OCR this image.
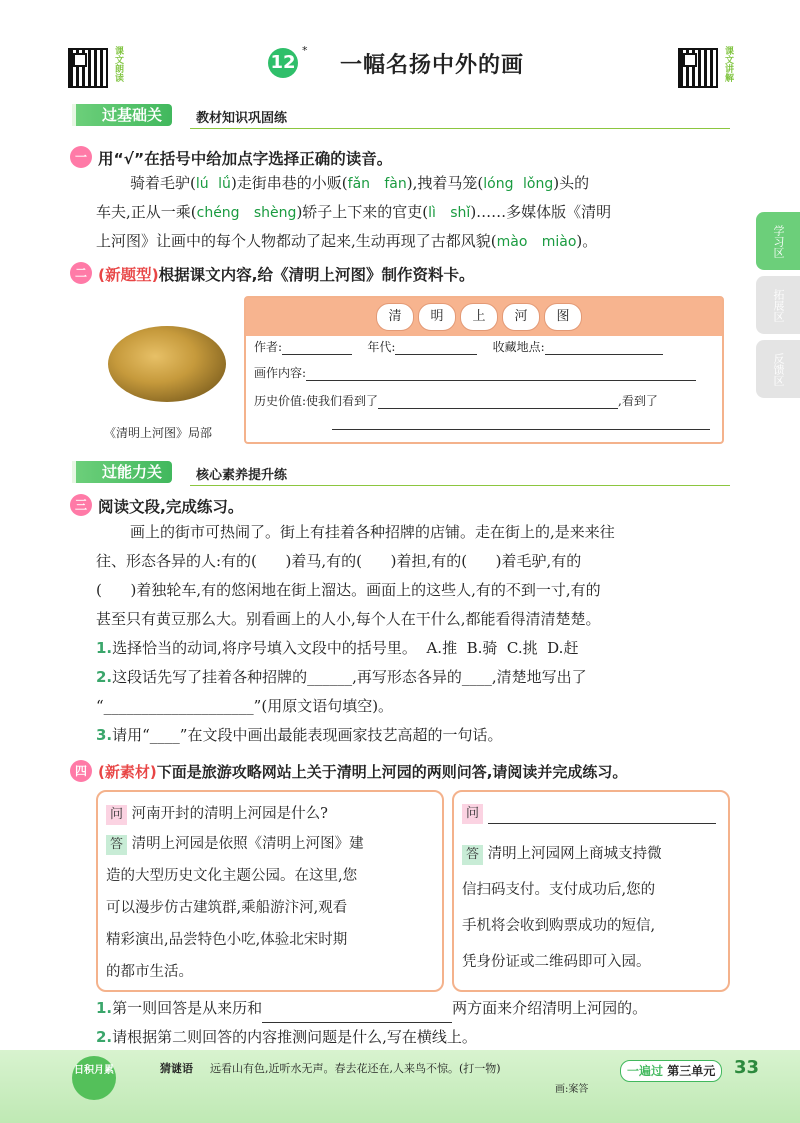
课文朗读	12
*
一幅名扬中外的画	课文讲解
学习区
拓展区
反馈区
过基础关	教材知识巩固练
一 用“√”在括号中给加点字选择正确的读音。
骑着毛驴(lú lǘ)走街串巷的小贩(fǎn fàn),拽着马笼(lóng lǒng)头的
车夫,正从一乘(chéng shèng)轿子上下来的官吏(lì shǐ)……多媒体版《清明
上河图》让画中的每个人物都动了起来,生动再现了古都风貌(mào miào)。
二 (新题型)根据课文内容,给《清明上河图》制作资料卡。
《清明上河图》局部
清	明	上	河	图
作者:	年代:	收藏地点:
画作内容:
历史价值:使我们看到了	,看到了
过能力关	核心素养提升练
三 阅读文段,完成练习。
画上的街市可热闹了。街上有挂着各种招牌的店铺。走在街上的,是来来往
往、形态各异的人:有的(      )着马,有的(      )着担,有的(      )着毛驴,有的
(      )着独轮车,有的悠闲地在街上溜达。画面上的这些人,有的不到一寸,有的
甚至只有黄豆那么大。别看画上的人小,每个人在干什么,都能看得清清楚楚。
1.选择恰当的动词,将序号填入文段中的括号里。 A.推  B.骑  C.挑  D.赶
2.这段话先写了挂着各种招牌的______,再写形态各异的____,清楚地写出了
“____________________”(用原文语句填空)。
3.请用“____”在文段中画出最能表现画家技艺高超的一句话。
四 (新素材)下面是旅游攻略网站上关于清明上河园的两则问答,请阅读并完成练习。
问 河南开封的清明上河园是什么?
答 清明上河园是依照《清明上河图》建
造的大型历史文化主题公园。在这里,您
可以漫步仿古建筑群,乘船游汴河,观看
精彩演出,品尝特色小吃,体验北宋时期
的都市生活。
问
答 清明上河园网上商城支持微
信扫码支付。支付成功后,您的
手机将会收到购票成功的短信,
凭身份证或二维码即可入园。
1.第一则回答是从来历和	两方面来介绍清明上河园的。
2.请根据第二则回答的内容推测问题是什么,写在横线上。
日积月累	猜谜语 远看山有色,近听水无声。春去花还在,人来鸟不惊。(打一物)
画:案答
一遍过 第三单元	33
